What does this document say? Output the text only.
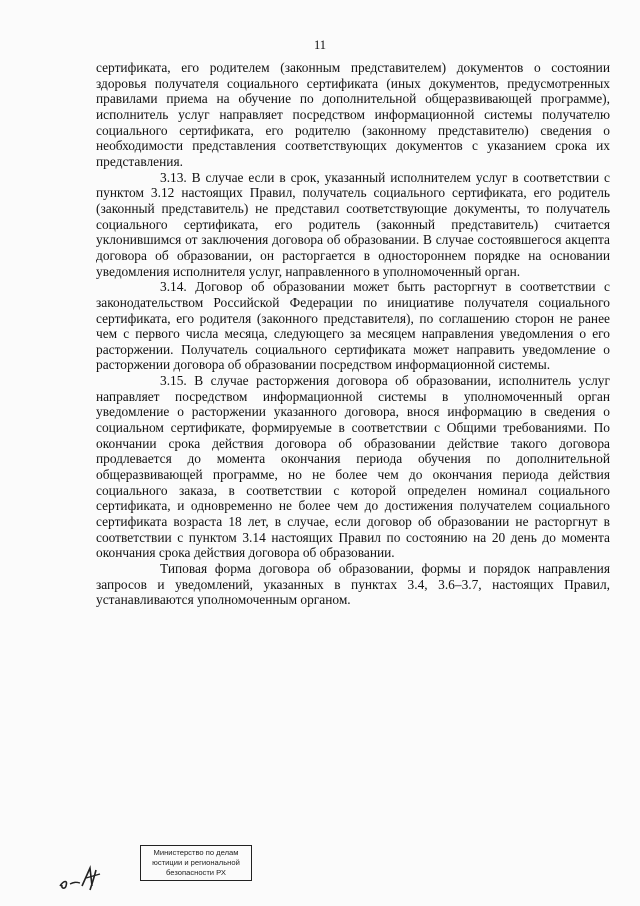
11

сертификата, его родителем (законным представителем) документов о состоянии здоровья получателя социального сертификата (иных документов, предусмотренных правилами приема на обучение по дополнительной общеразвивающей программе), исполнитель услуг направляет посредством информационной системы получателю социального сертификата, его родителю (законному представителю) сведения о необходимости представления соответствующих документов с указанием срока их представления.

3.13. В случае если в срок, указанный исполнителем услуг в соответствии с пунктом 3.12 настоящих Правил, получатель социального сертификата, его родитель (законный представитель) не представил соответствующие документы, то получатель социального сертификата, его родитель (законный представитель) считается уклонившимся от заключения договора об образовании. В случае состоявшегося акцепта договора об образовании, он расторгается в одностороннем порядке на основании уведомления исполнителя услуг, направленного в уполномоченный орган.

3.14. Договор об образовании может быть расторгнут в соответствии с законодательством Российской Федерации по инициативе получателя социального сертификата, его родителя (законного представителя), по соглашению сторон не ранее чем с первого числа месяца, следующего за месяцем направления уведомления о его расторжении. Получатель социального сертификата может направить уведомление о расторжении договора об образовании посредством информационной системы.

3.15. В случае расторжения договора об образовании, исполнитель услуг направляет посредством информационной системы в уполномоченный орган уведомление о расторжении указанного договора, внося информацию в сведения о социальном сертификате, формируемые в соответствии с Общими требованиями. По окончании срока действия договора об образовании действие такого договора продлевается до момента окончания периода обучения по дополнительной общеразвивающей программе, но не более чем до окончания периода действия социального заказа, в соответствии с которой определен номинал социального сертификата, и одновременно не более чем до достижения получателем социального сертификата возраста 18 лет, в случае, если договор об образовании не расторгнут в соответствии с пунктом 3.14 настоящих Правил по состоянию на 20 день до момента окончания срока действия договора об образовании.

Типовая форма договора об образовании, формы и порядок направления запросов и уведомлений, указанных в пунктах 3.4, 3.6–3.7, настоящих Правил, устанавливаются уполномоченным органом.

Министерство по делам
юстиции и региональной
безопасности РХ
